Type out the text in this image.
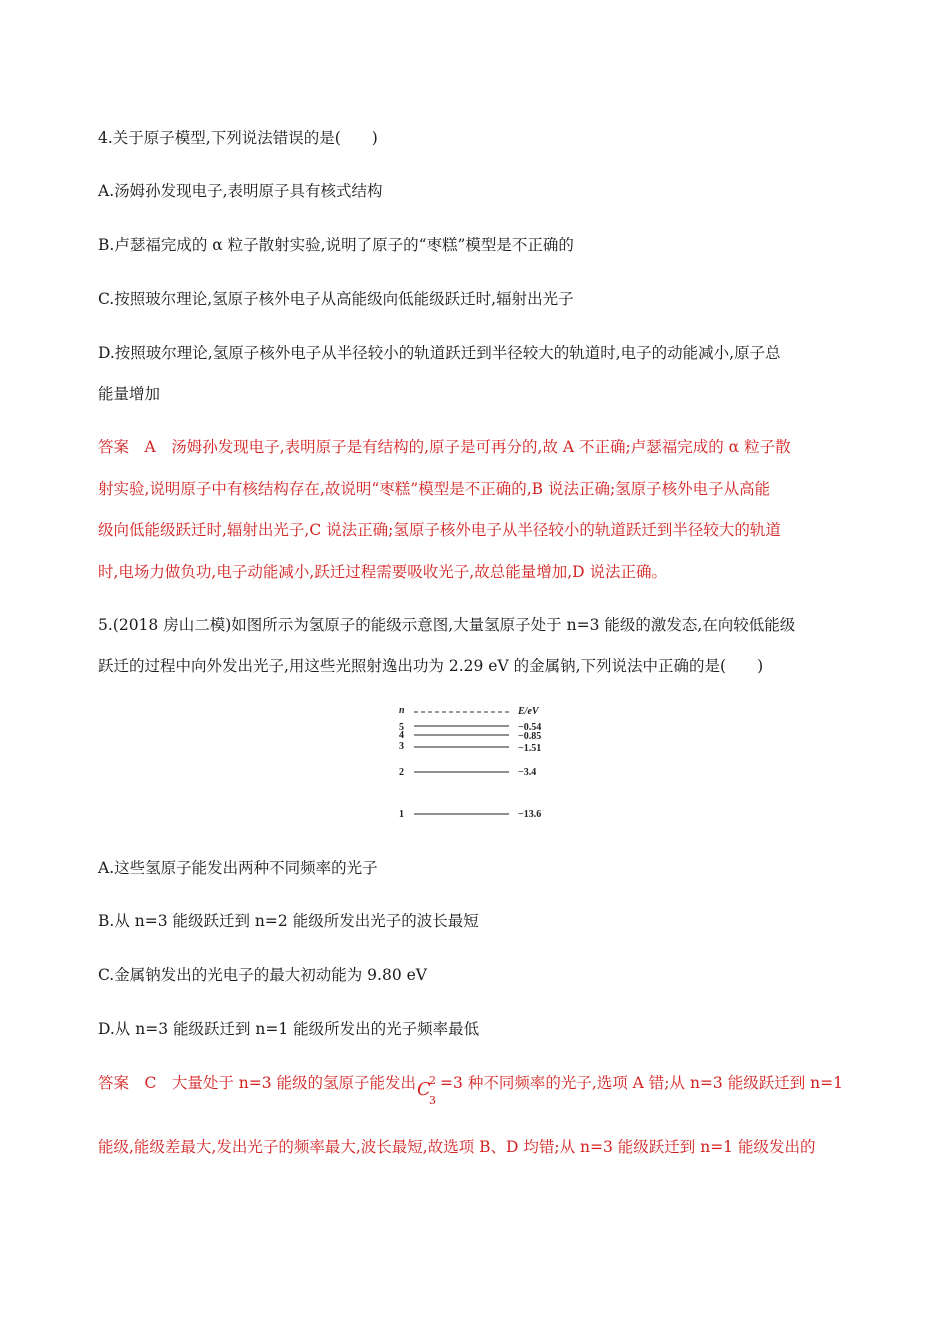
4.关于原子模型,下列说法错误的是(　　)
A.汤姆孙发现电子,表明原子具有核式结构
B.卢瑟福完成的 α 粒子散射实验,说明了原子的“枣糕”模型是不正确的
C.按照玻尔理论,氢原子核外电子从高能级向低能级跃迁时,辐射出光子
D.按照玻尔理论,氢原子核外电子从半径较小的轨道跃迁到半径较大的轨道时,电子的动能减小,原子总
能量增加
答案　A　汤姆孙发现电子,表明原子是有结构的,原子是可再分的,故 A 不正确;卢瑟福完成的 α 粒子散
射实验,说明原子中有核结构存在,故说明“枣糕”模型是不正确的,B 说法正确;氢原子核外电子从高能
级向低能级跃迁时,辐射出光子,C 说法正确;氢原子核外电子从半径较小的轨道跃迁到半径较大的轨道
时,电场力做负功,电子动能减小,跃迁过程需要吸收光子,故总能量增加,D 说法正确。
5.(2018 房山二模)如图所示为氢原子的能级示意图,大量氢原子处于 n=3 能级的激发态,在向较低能级
跃迁的过程中向外发出光子,用这些光照射逸出功为 2.29 eV 的金属钠,下列说法中正确的是(　　)
n	E/eV
5	−0.54
4	−0.85
3	−1.51
2	−3.4
1	−13.6
A.这些氢原子能发出两种不同频率的光子
B.从 n=3 能级跃迁到 n=2 能级所发出光子的波长最短
C.金属钠发出的光电子的最大初动能为 9.80 eV
D.从 n=3 能级跃迁到 n=1 能级所发出的光子频率最低
答案　C　大量处于 n=3 能级的氢原子能发出 C
2
3
=3 种不同频率的光子,选项 A 错;从 n=3 能级跃迁到 n=1
能级,能级差最大,发出光子的频率最大,波长最短,故选项 B、D 均错;从 n=3 能级跃迁到 n=1 能级发出的
